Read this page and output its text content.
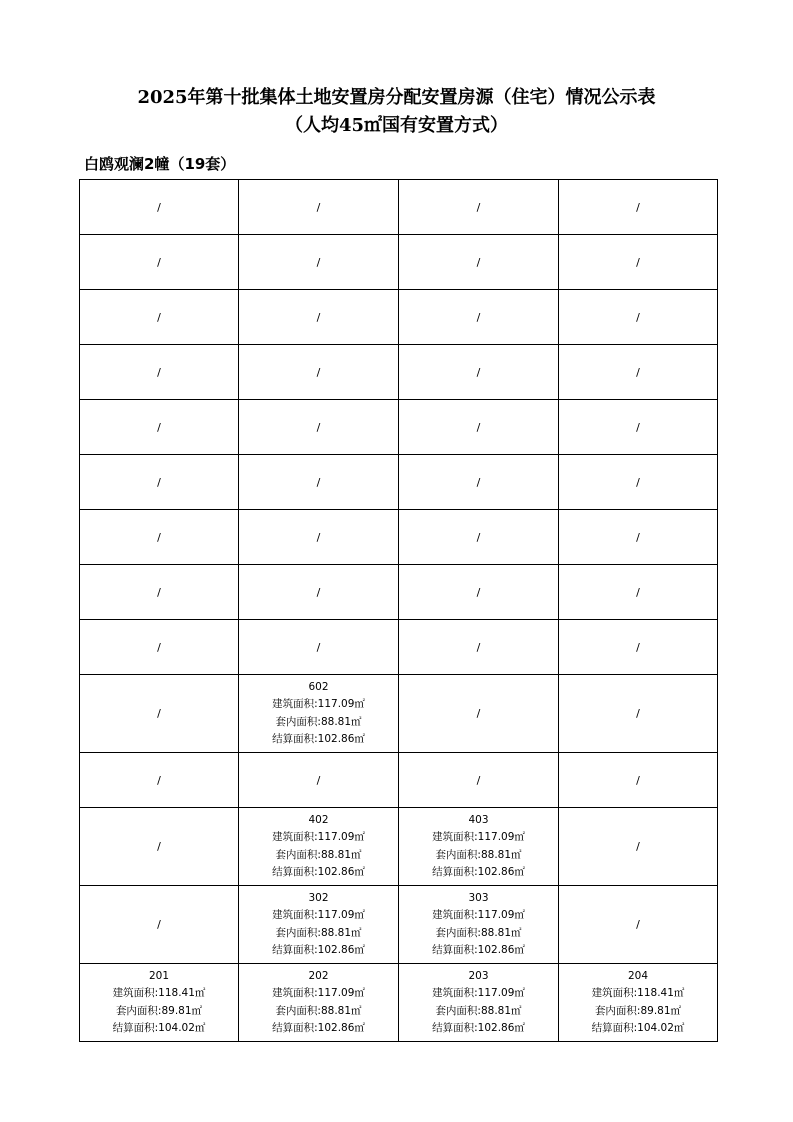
2025年第十批集体土地安置房分配安置房源（住宅）情况公示表
（人均45㎡国有安置方式）
白鸥观澜2幢（19套）
/	/	/	/
/	/	/	/
/	/	/	/
/	/	/	/
/	/	/	/
/	/	/	/
/	/	/	/
/	/	/	/
/	/	/	/
/	602
建筑面积:117.09㎡
套内面积:88.81㎡
结算面积:102.86㎡	/	/
/	/	/	/
/	402
建筑面积:117.09㎡
套内面积:88.81㎡
结算面积:102.86㎡	403
建筑面积:117.09㎡
套内面积:88.81㎡
结算面积:102.86㎡	/
/	302
建筑面积:117.09㎡
套内面积:88.81㎡
结算面积:102.86㎡	303
建筑面积:117.09㎡
套内面积:88.81㎡
结算面积:102.86㎡	/

201
建筑面积:118.41㎡
套内面积:89.81㎡
结算面积:104.02㎡	202
建筑面积:117.09㎡
套内面积:88.81㎡
结算面积:102.86㎡	203
建筑面积:117.09㎡
套内面积:88.81㎡
结算面积:102.86㎡	204
建筑面积:118.41㎡
套内面积:89.81㎡
结算面积:104.02㎡
